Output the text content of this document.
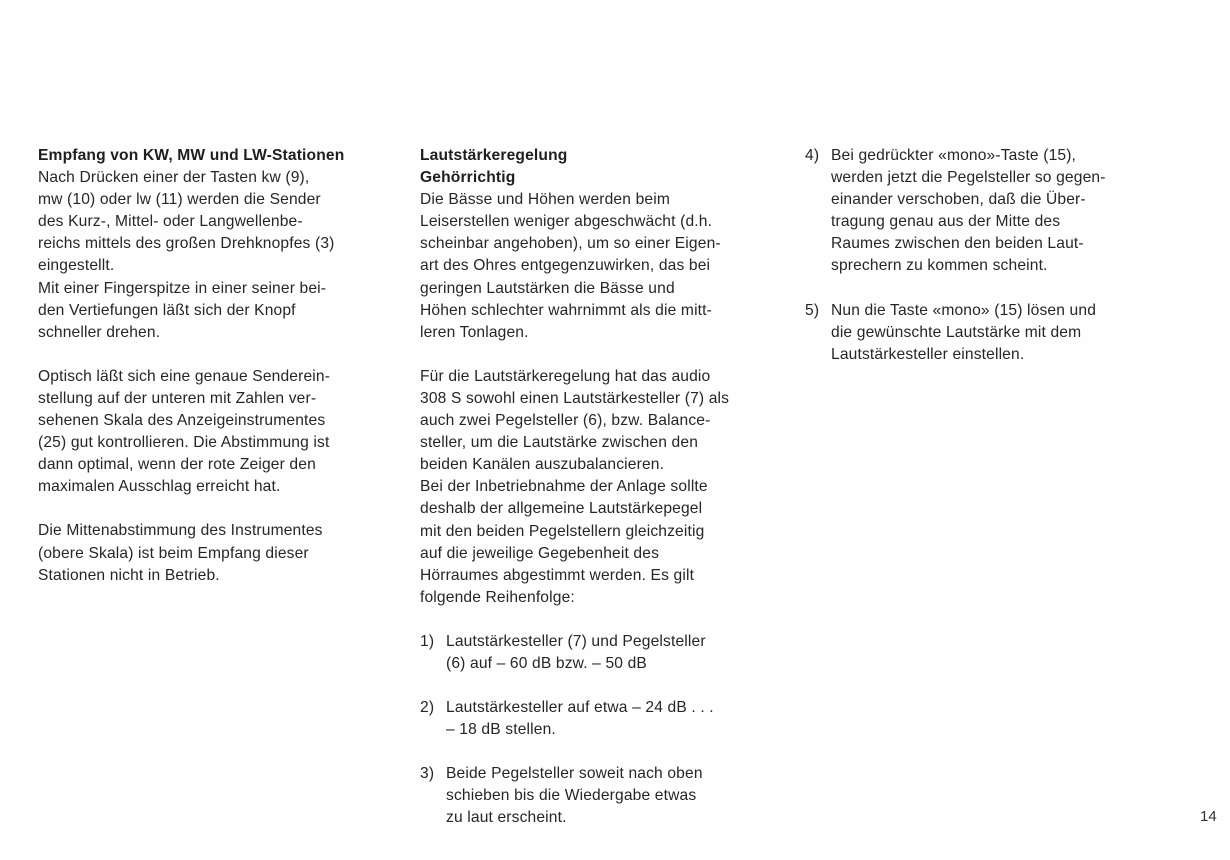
Empfang von KW, MW und LW-Stationen

Nach Drücken einer der Tasten kw (9),

mw (10) oder lw (11) werden die Sender

des Kurz-, Mittel- oder Langwellenbe-

reichs mittels des großen Drehknopfes (3)

eingestellt.

Mit einer Fingerspitze in einer seiner bei-

den Vertiefungen läßt sich der Knopf

schneller drehen.

Optisch läßt sich eine genaue Senderein-

stellung auf der unteren mit Zahlen ver-

sehenen Skala des Anzeigeinstrumentes

(25) gut kontrollieren. Die Abstimmung ist

dann optimal, wenn der rote Zeiger den

maximalen Ausschlag erreicht hat.

Die Mittenabstimmung des Instrumentes

(obere Skala) ist beim Empfang dieser

Stationen nicht in Betrieb.

Lautstärkeregelung

Gehörrichtig

Die Bässe und Höhen werden beim

Leiserstellen weniger abgeschwächt (d.h.

scheinbar angehoben), um so einer Eigen-

art des Ohres entgegenzuwirken, das bei

geringen Lautstärken die Bässe und

Höhen schlechter wahrnimmt als die mitt-

leren Tonlagen.

Für die Lautstärkeregelung hat das audio

308 S sowohl einen Lautstärkesteller (7) als

auch zwei Pegelsteller (6), bzw. Balance-

steller, um die Lautstärke zwischen den

beiden Kanälen auszubalancieren.

Bei der Inbetriebnahme der Anlage sollte

deshalb der allgemeine Lautstärkepegel

mit den beiden Pegelstellern gleichzeitig

auf die jeweilige Gegebenheit des

Hörraumes abgestimmt werden. Es gilt

folgende Reihenfolge:

1) Lautstärkesteller (7) und Pegelsteller

(6) auf – 60 dB bzw. – 50 dB

2) Lautstärkesteller auf etwa – 24 dB . . .

– 18 dB stellen.

3) Beide Pegelsteller soweit nach oben

schieben bis die Wiedergabe etwas

zu laut erscheint.

4) Bei gedrückter «mono»-Taste (15),

werden jetzt die Pegelsteller so gegen-

einander verschoben, daß die Über-

tragung genau aus der Mitte des

Raumes zwischen den beiden Laut-

sprechern zu kommen scheint.

5) Nun die Taste «mono» (15) lösen und

die gewünschte Lautstärke mit dem

Lautstärkesteller einstellen.

14
